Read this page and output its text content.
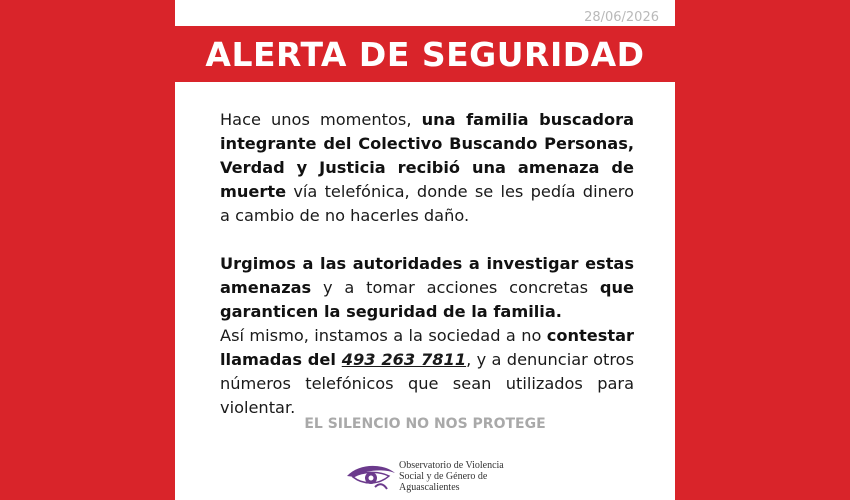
28/06/2026
ALERTA DE SEGURIDAD

Hace unos momentos, una familia buscadora integrante del Colectivo Buscando Personas, Verdad y Justicia recibió una amenaza de muerte vía telefónica, donde se les pedía dinero a cambio de no hacerles daño.

Urgimos a las autoridades a investigar estas amenazas y a tomar acciones concretas que garanticen la seguridad de la familia.
Así mismo, instamos a la sociedad a no contestar llamadas del 493 263 7811, y a denunciar otros números telefónicos que sean utilizados para violentar.

EL SILENCIO NO NOS PROTEGE
Observatorio de Violencia
Social y de Género de
Aguascalientes
